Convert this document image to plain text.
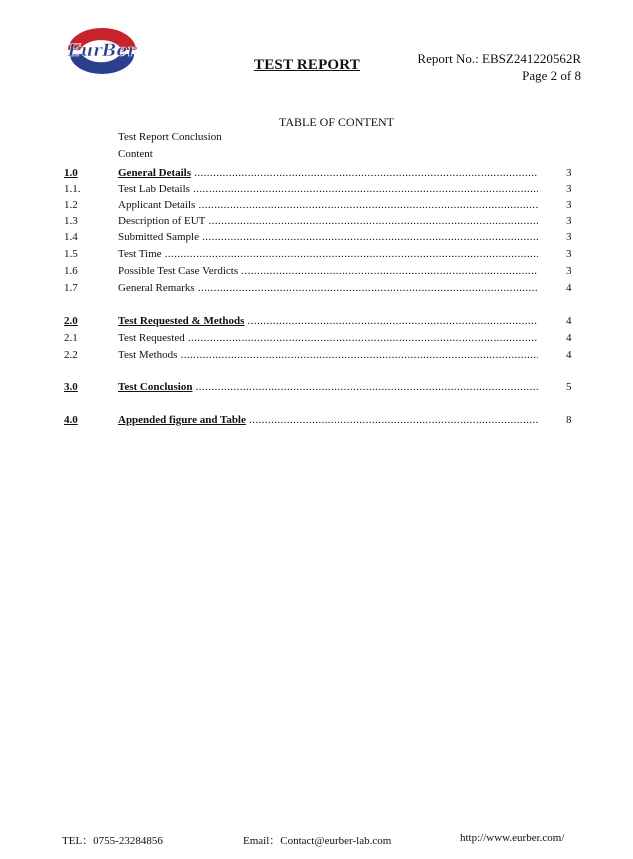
EurBer
TEST REPORT	Report No.: EBSZ241220562R
Page 2 of 8
TABLE OF CONTENT
Test Report Conclusion
Content
1.0	General Details .....	3
1.1.	Test Lab Details .....	3
1.2	Applicant Details .....	3
1.3	Description of EUT .....	3
1.4	Submitted Sample .....	3
1.5	Test Time .....	3
1.6	Possible Test Case Verdicts .....	3
1.7	General Remarks .....	4
2.0	Test Requested & Methods .....	4
2.1	Test Requested .....	4
2.2	Test Methods .....	4
3.0	Test Conclusion .....	5
4.0	Appended figure and Table .....	8
TEL：0755-23284856	Email：Contact@eurber-lab.com	http://www.eurber.com/
